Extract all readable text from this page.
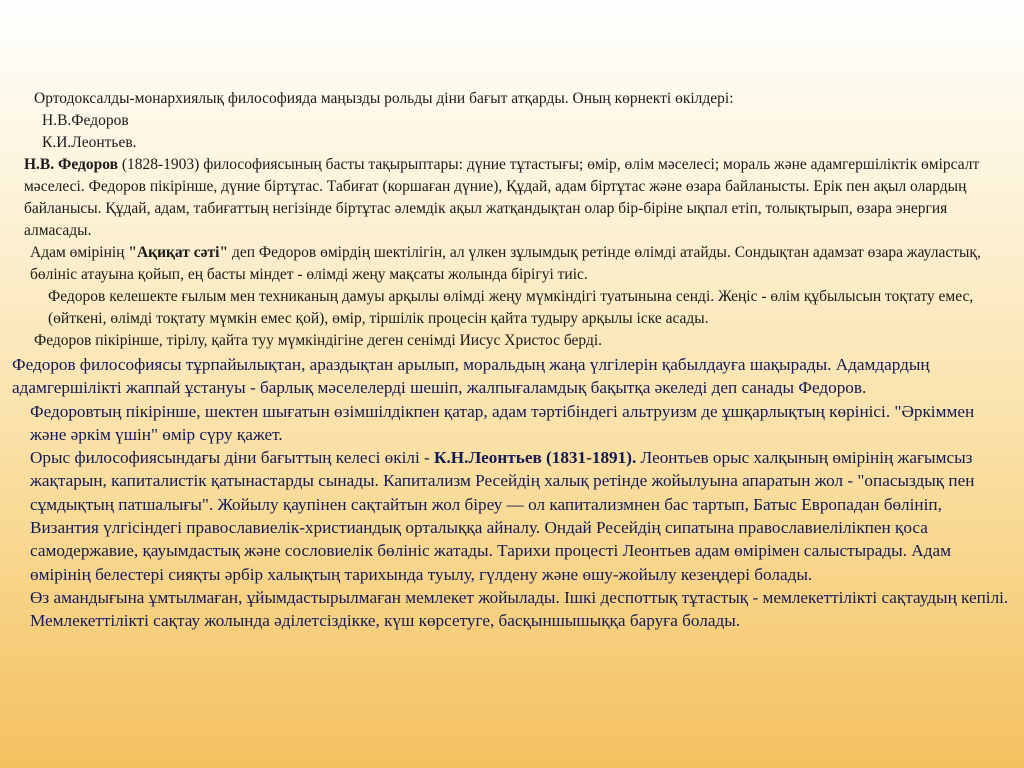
Ортодоксалды-монархиялық философияда маңызды рольды діни бағыт атқарды. Оның көрнекті өкілдері:

Н.В.Федоров

К.И.Леонтьев.

Н.В. Федоров (1828-1903) философиясының басты тақырыптары: дүние тұтастығы; өмір, өлім мәселесі; мораль және адамгершіліктік өмірсалт мәселесі. Федоров пікірінше, дүние біртұтас. Табиғат (коршаған дүние), Құдай, адам біртұтас және өзара байланысты. Ерік пен ақыл олардың байланысы. Құдай, адам, табиғаттың негізінде біртұтас әлемдік ақыл жатқандықтан олар бір-біріне ықпал етіп, толықтырып, өзара энергия алмасады.

Адам өмірінің "Ақиқат сәті" деп Федоров өмірдің шектілігін, ал үлкен зұлымдық ретінде өлімді атайды. Сондықтан адамзат өзара жауластық, бөлініс атауына қойып, ең басты міндет - өлімді жеңу мақсаты жолында бірігуі тиіс.

Федоров келешекте ғылым мен техниканың дамуы арқылы өлімді жеңу мүмкіндігі туатынына сенді. Жеңіс - өлім құбылысын тоқтату емес, (өйткені, өлімді тоқтату мүмкін емес қой), өмір, тіршілік процесін қайта тудыру арқылы іске асады.

Федоров пікірінше, тірілу, қайта туу мүмкіндігіне деген сенімді Иисус Христос берді.

Федоров философиясы тұрпайылықтан, араздықтан арылып, моральдың жаңа үлгілерін қабылдауға шақырады. Адамдардың адамгершілікті жаппай ұстануы - барлық мәселелерді шешіп, жалпығаламдық бақытқа әкеледі деп санады Федоров.

Федоровтың пікірінше, шектен шығатын өзімшілдікпен қатар, адам тәртібіндегі альтруизм де ұшқарлықтың көрінісі. "Әркіммен және әркім үшін" өмір сүру қажет.

Орыс философиясындағы діни бағыттың келесі өкілі - К.Н.Леонтьев (1831-1891). Леонтьев орыс халқының өмірінің жағымсыз жақтарын, капиталистік қатынастарды сынады. Капитализм Ресейдің халық ретінде жойылуына апаратын жол - "опасыздық пен сұмдықтың патшалығы". Жойылу қаупінен сақтайтын жол біреу — ол капитализмнен бас тартып, Батыс Европадан бөлініп, Византия үлгісіндегі православиелік-христиандық орталыққа айналу. Ондай Ресейдің сипатына православиелілікпен қоса самодержавие, қауымдастық және сословиелік бөлініс жатады. Тарихи процесті Леонтьев адам өмірімен салыстырады. Адам өмірінің белестері сияқты әрбір халықтың тарихында туылу, гүлдену және өшу-жойылу кезеңдері болады.

Өз амандығына ұмтылмаған, ұйымдастырылмаған мемлекет жойылады. Ішкі деспоттық тұтастық - мемлекеттілікті сақтаудың кепілі. Мемлекеттілікті сақтау жолында әділетсіздікке, күш көрсетуге, басқыншышыққа баруға болады.
